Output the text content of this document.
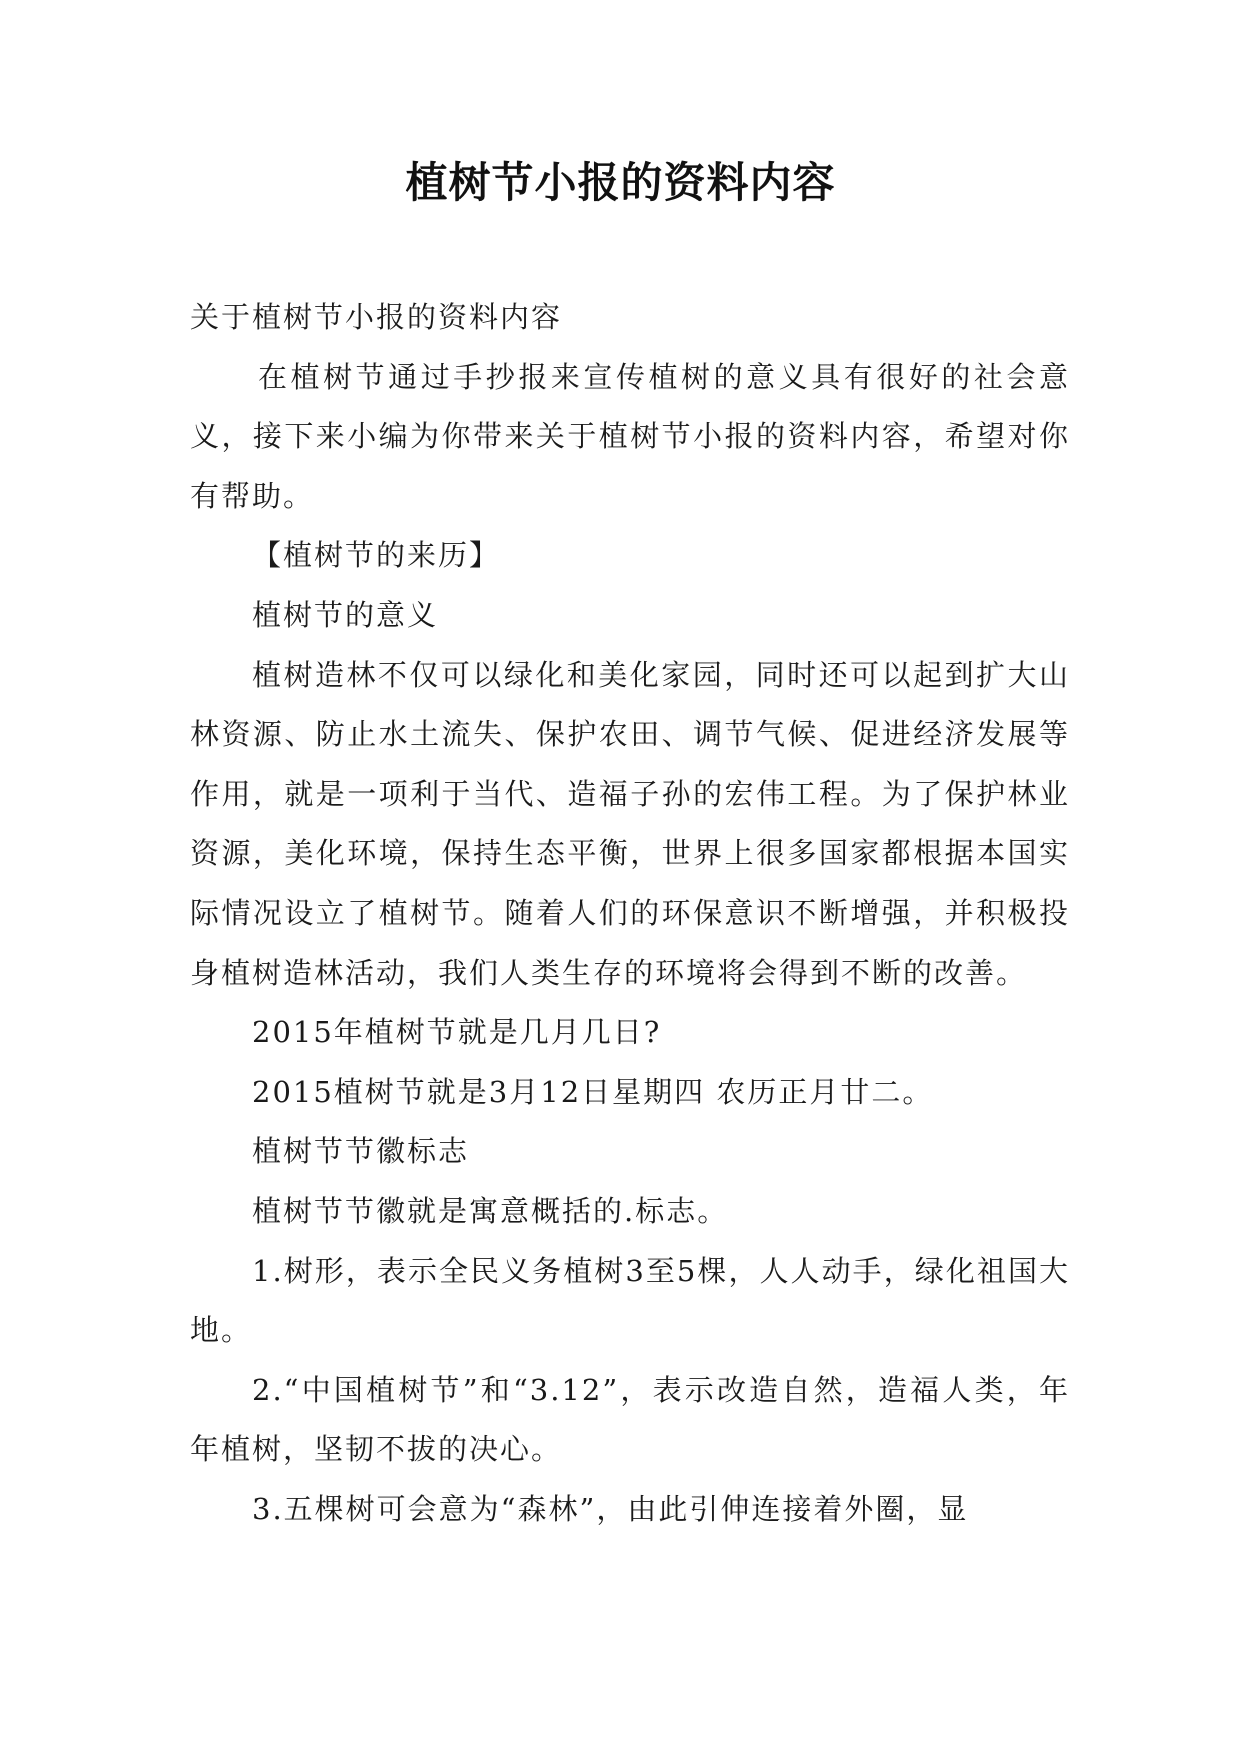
植树节小报的资料内容

关于植树节小报的资料内容

在植树节通过手抄报来宣传植树的意义具有很好的社会意义，接下来小编为你带来关于植树节小报的资料内容，希望对你有帮助。

【植树节的来历】

植树节的意义

植树造林不仅可以绿化和美化家园，同时还可以起到扩大山林资源、防止水土流失、保护农田、调节气候、促进经济发展等作用，就是一项利于当代、造福子孙的宏伟工程。为了保护林业资源，美化环境，保持生态平衡，世界上很多国家都根据本国实际情况设立了植树节。随着人们的环保意识不断增强，并积极投身植树造林活动，我们人类生存的环境将会得到不断的改善。

2015年植树节就是几月几日?

2015植树节就是3月12日星期四 农历正月廿二。

植树节节徽标志

植树节节徽就是寓意概括的.标志。

1.树形，表示全民义务植树3至5棵，人人动手，绿化祖国大地。

2.“中国植树节”和“3.12”，表示改造自然，造福人类，年年植树，坚韧不拔的决心。

3.五棵树可会意为“森林”，由此引伸连接着外圈，显
